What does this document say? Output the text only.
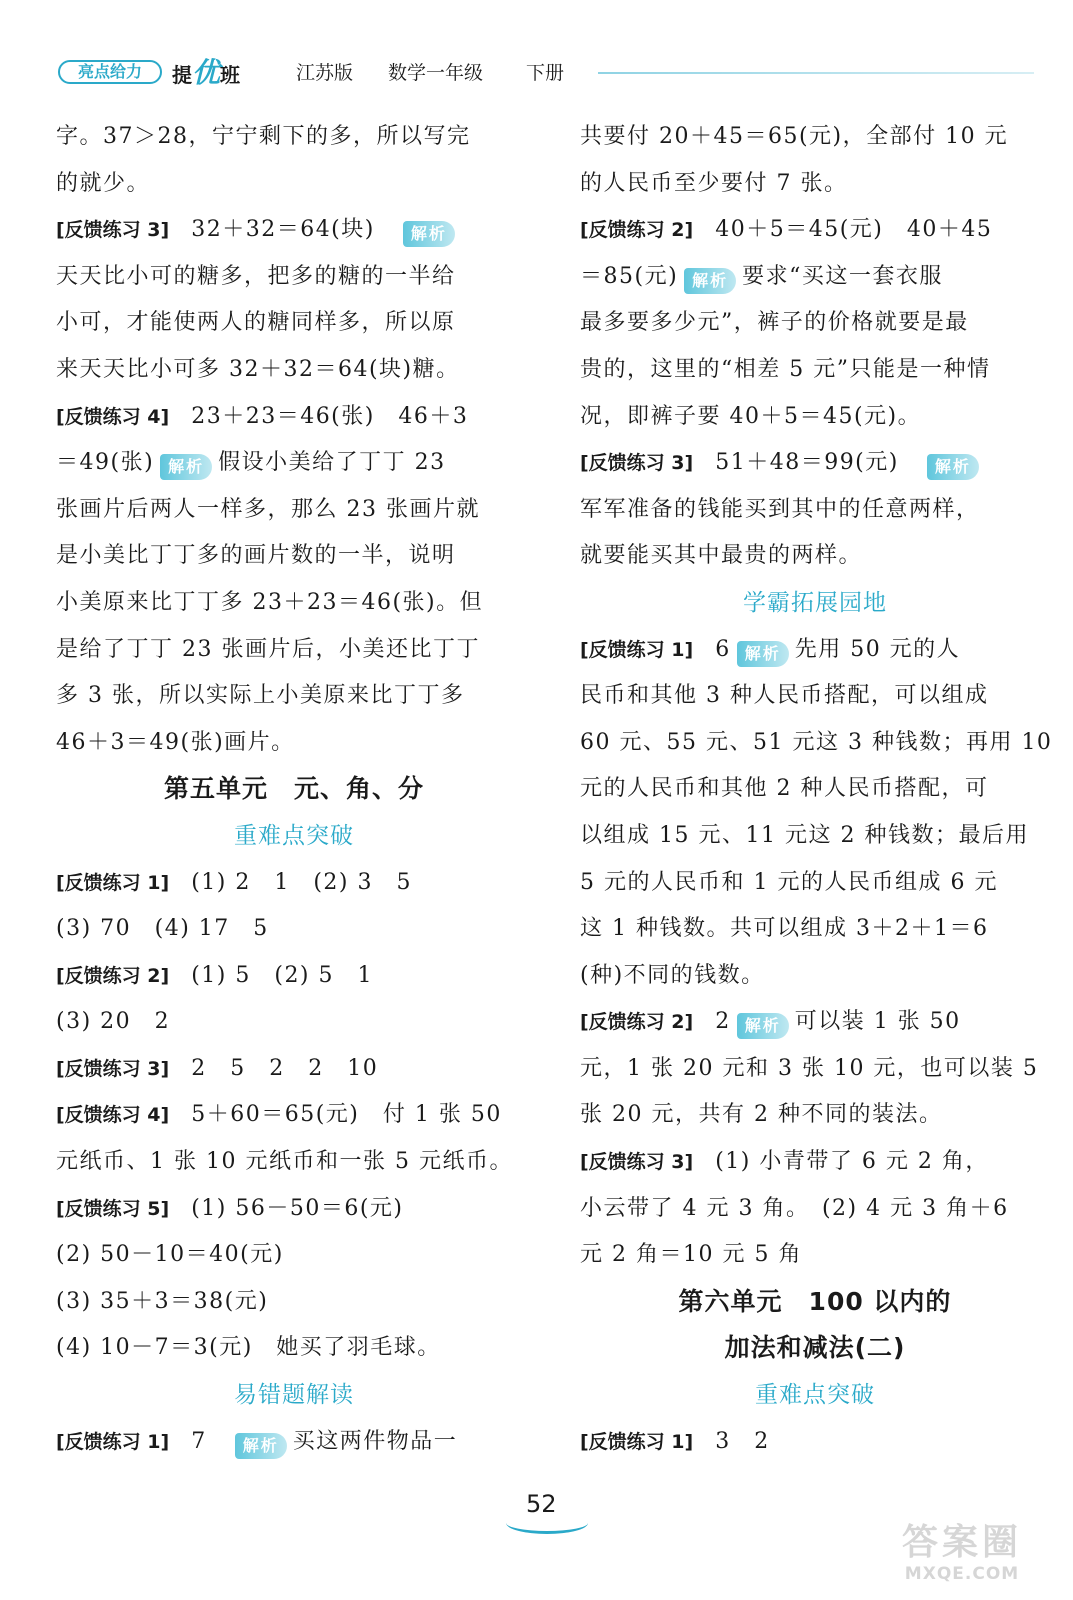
亮点给力	提优班	江苏版 数学一年级 下册
字。37＞28，宁宁剩下的多，所以写完
的就少。
[反馈练习 3] 32＋32＝64(块) 解析
天天比小可的糖多，把多的糖的一半给
小可，才能使两人的糖同样多，所以原
来天天比小可多 32＋32＝64(块)糖。
[反馈练习 4] 23＋23＝46(张)　46＋3
＝49(张) 解析 假设小美给了丁丁 23
张画片后两人一样多，那么 23 张画片就
是小美比丁丁多的画片数的一半，说明
小美原来比丁丁多 23＋23＝46(张)。但
是给了丁丁 23 张画片后，小美还比丁丁
多 3 张，所以实际上小美原来比丁丁多
46＋3＝49(张)画片。
第五单元　元、角、分
重难点突破
[反馈练习 1] (1) 2　1　(2) 3　5
(3) 70　(4) 17　5
[反馈练习 2] (1) 5　(2) 5　1
(3) 20　2
[反馈练习 3] 2　5　2　2　10
[反馈练习 4] 5＋60＝65(元)　付 1 张 50
元纸币、1 张 10 元纸币和一张 5 元纸币。
[反馈练习 5] (1) 56－50＝6(元)
(2) 50－10＝40(元)
(3) 35＋3＝38(元)
(4) 10－7＝3(元)　她买了羽毛球。
易错题解读
[反馈练习 1] 7 解析 买这两件物品一
共要付 20＋45＝65(元)，全部付 10 元
的人民币至少要付 7 张。
[反馈练习 2] 40＋5＝45(元)　40＋45
＝85(元) 解析 要求“买这一套衣服
最多要多少元”，裤子的价格就要是最
贵的，这里的“相差 5 元”只能是一种情
况，即裤子要 40＋5＝45(元)。
[反馈练习 3] 51＋48＝99(元) 解析
军军准备的钱能买到其中的任意两样，
就要能买其中最贵的两样。
学霸拓展园地
[反馈练习 1] 6 解析 先用 50 元的人
民币和其他 3 种人民币搭配，可以组成
60 元、55 元、51 元这 3 种钱数；再用 10
元的人民币和其他 2 种人民币搭配，可
以组成 15 元、11 元这 2 种钱数；最后用
5 元的人民币和 1 元的人民币组成 6 元
这 1 种钱数。共可以组成 3＋2＋1＝6
(种)不同的钱数。
[反馈练习 2] 2 解析 可以装 1 张 50
元，1 张 20 元和 3 张 10 元，也可以装 5
张 20 元，共有 2 种不同的装法。
[反馈练习 3] (1) 小青带了 6 元 2 角，
小云带了 4 元 3 角。　(2) 4 元 3 角＋6
元 2 角＝10 元 5 角
第六单元　100 以内的
加法和减法(二)
重难点突破
[反馈练习 1] 3　2
52
答案圈
MXQE.COM
